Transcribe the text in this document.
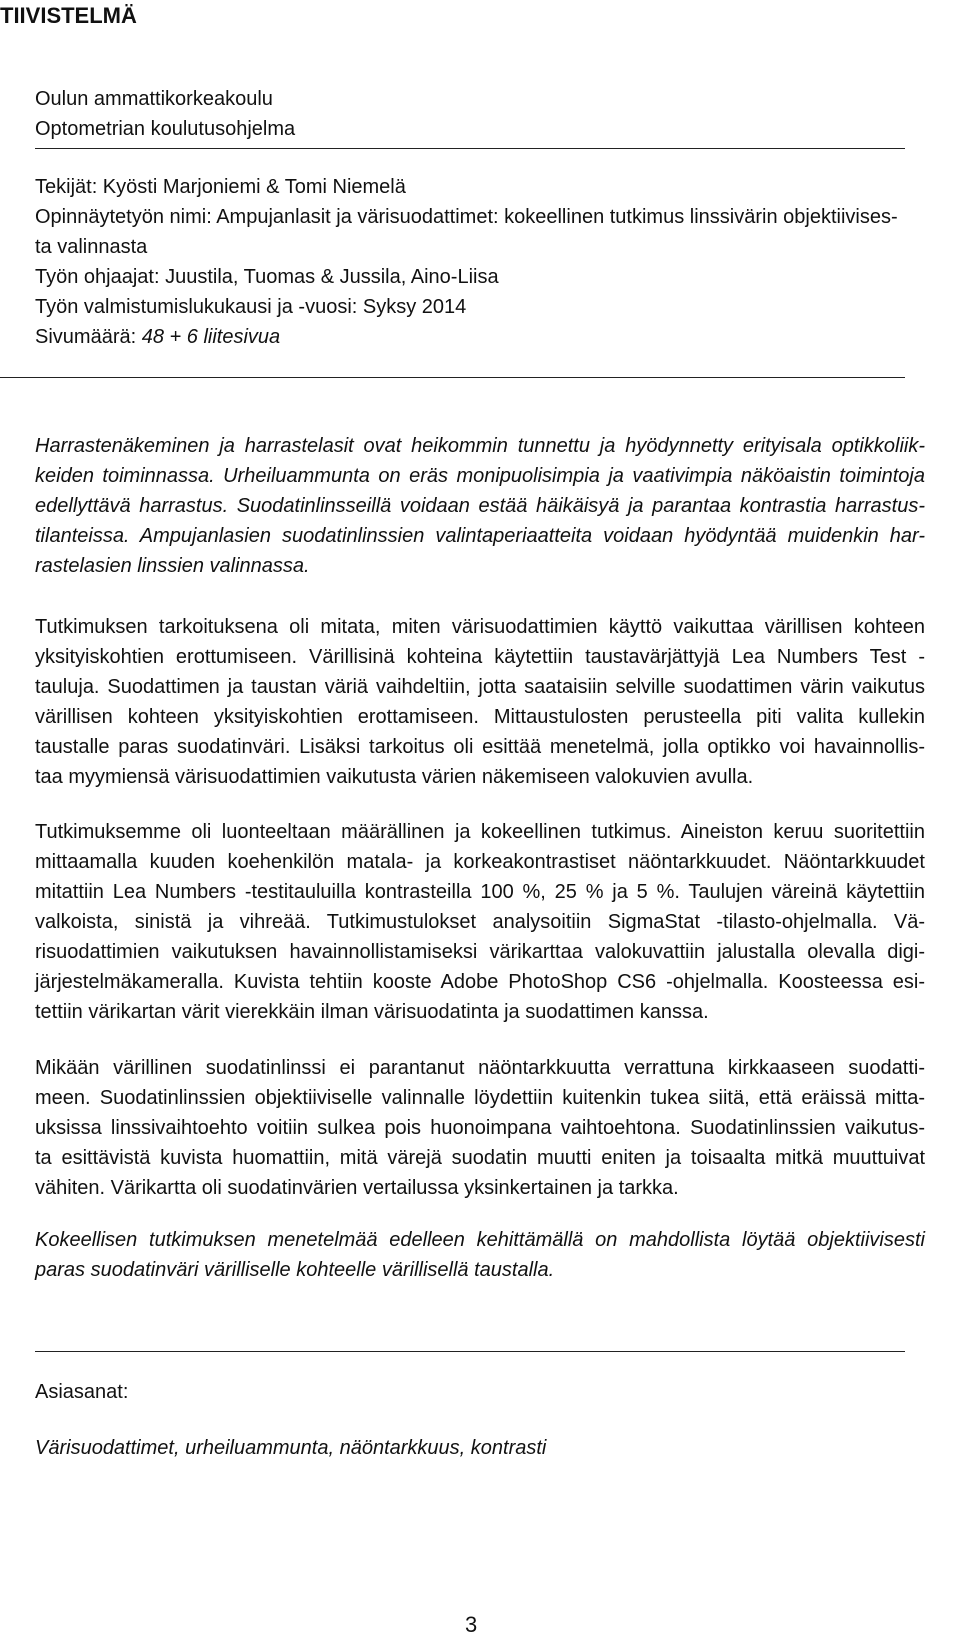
TIIVISTELMÄ
Oulun ammattikorkeakoulu
Optometrian koulutusohjelma
Tekijät: Kyösti Marjoniemi & Tomi Niemelä
Opinnäytetyön nimi: Ampujanlasit ja värisuodattimet: kokeellinen tutkimus linssivärin objektiivises-
ta valinnasta
Työn ohjaajat: Juustila, Tuomas & Jussila, Aino-Liisa
Työn valmistumislukukausi ja -vuosi: Syksy 2014
Sivumäärä: 48 + 6 liitesivua
Harrastenäkeminen ja harrastelasit ovat heikommin tunnettu ja hyödynnetty erityisala optikkoliik-
keiden toiminnassa. Urheiluammunta on eräs monipuolisimpia ja vaativimpia näköaistin toimintoja
edellyttävä harrastus. Suodatinlinsseillä voidaan estää häikäisyä ja parantaa kontrastia harrastus-
tilanteissa. Ampujanlasien suodatinlinssien valintaperiaatteita voidaan hyödyntää muidenkin har-
rastelasien linssien valinnassa.
Tutkimuksen tarkoituksena oli mitata, miten värisuodattimien käyttö vaikuttaa värillisen kohteen
yksityiskohtien erottumiseen. Värillisinä kohteina käytettiin taustavärjättyjä Lea Numbers Test -
tauluja. Suodattimen ja taustan väriä vaihdeltiin, jotta saataisiin selville suodattimen värin vaikutus
värillisen kohteen yksityiskohtien erottamiseen. Mittaustulosten perusteella piti valita kullekin
taustalle paras suodatinväri. Lisäksi tarkoitus oli esittää menetelmä, jolla optikko voi havainnollis-
taa myymiensä värisuodattimien vaikutusta värien näkemiseen valokuvien avulla.
Tutkimuksemme oli luonteeltaan määrällinen ja kokeellinen tutkimus. Aineiston keruu suoritettiin
mittaamalla kuuden koehenkilön matala- ja korkeakontrastiset näöntarkkuudet. Näöntarkkuudet
mitattiin Lea Numbers -testitauluilla kontrasteilla 100 %, 25 % ja 5 %. Taulujen väreinä käytettiin
valkoista, sinistä ja vihreää. Tutkimustulokset analysoitiin SigmaStat -tilasto-ohjelmalla. Vä-
risuodattimien vaikutuksen havainnollistamiseksi värikarttaa valokuvattiin jalustalla olevalla digi-
järjestelmäkameralla. Kuvista tehtiin kooste Adobe PhotoShop CS6 -ohjelmalla. Koosteessa esi-
tettiin värikartan värit vierekkäin ilman värisuodatinta ja suodattimen kanssa.
Mikään värillinen suodatinlinssi ei parantanut näöntarkkuutta verrattuna kirkkaaseen suodatti-
meen. Suodatinlinssien objektiiviselle valinnalle löydettiin kuitenkin tukea siitä, että eräissä mitta-
uksissa linssivaihtoehto voitiin sulkea pois huonoimpana vaihtoehtona. Suodatinlinssien vaikutus-
ta esittävistä kuvista huomattiin, mitä värejä suodatin muutti eniten ja toisaalta mitkä muuttuivat
vähiten. Värikartta oli suodatinvärien vertailussa yksinkertainen ja tarkka.
Kokeellisen tutkimuksen menetelmää edelleen kehittämällä on mahdollista löytää objektiivisesti
paras suodatinväri värilliselle kohteelle värillisellä taustalla.
Asiasanat:
Värisuodattimet, urheiluammunta, näöntarkkuus, kontrasti
3
